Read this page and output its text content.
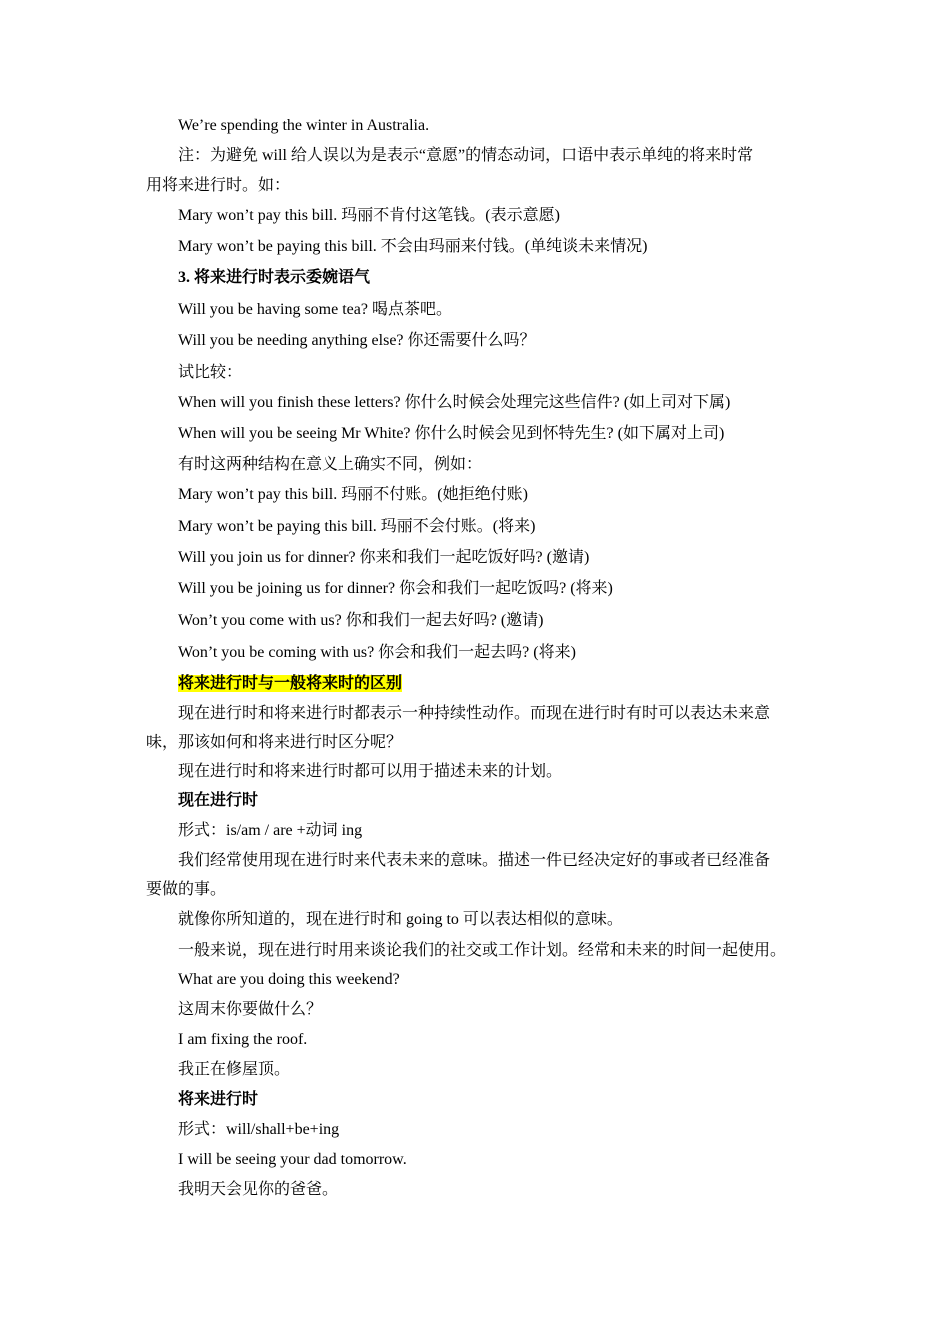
We’re spending the winter in Australia.

注：为避免 will 给人误以为是表示“意愿”的情态动词，口语中表示单纯的将来时常
用将来进行时。如：

Mary won’t pay this bill. 玛丽不肯付这笔钱。(表示意愿)

Mary won’t be paying this bill. 不会由玛丽来付钱。(单纯谈未来情况)

3. 将来进行时表示委婉语气

Will you be having some tea? 喝点茶吧。

Will you be needing anything else? 你还需要什么吗？

试比较：

When will you finish these letters? 你什么时候会处理完这些信件? (如上司对下属)

When will you be seeing Mr White? 你什么时候会见到怀特先生? (如下属对上司)

有时这两种结构在意义上确实不同，例如：

Mary won’t pay this bill. 玛丽不付账。(她拒绝付账)

Mary won’t be paying this bill. 玛丽不会付账。(将来)

Will you join us for dinner? 你来和我们一起吃饭好吗? (邀请)

Will you be joining us for dinner? 你会和我们一起吃饭吗? (将来)

Won’t you come with us? 你和我们一起去好吗? (邀请)

Won’t you be coming with us? 你会和我们一起去吗? (将来)

将来进行时与一般将来时的区别

现在进行时和将来进行时都表示一种持续性动作。而现在进行时有时可以表达未来意
味，那该如何和将来进行时区分呢？

现在进行时和将来进行时都可以用于描述未来的计划。

现在进行时

形式：is/am / are +动词 ing

我们经常使用现在进行时来代表未来的意味。描述一件已经决定好的事或者已经准备
要做的事。

就像你所知道的，现在进行时和 going to 可以表达相似的意味。

一般来说，现在进行时用来谈论我们的社交或工作计划。经常和未来的时间一起使用。

What are you doing this weekend?

这周末你要做什么？

I am fixing the roof.

我正在修屋顶。

将来进行时

形式：will/shall+be+ing

I will be seeing your dad tomorrow.

我明天会见你的爸爸。
